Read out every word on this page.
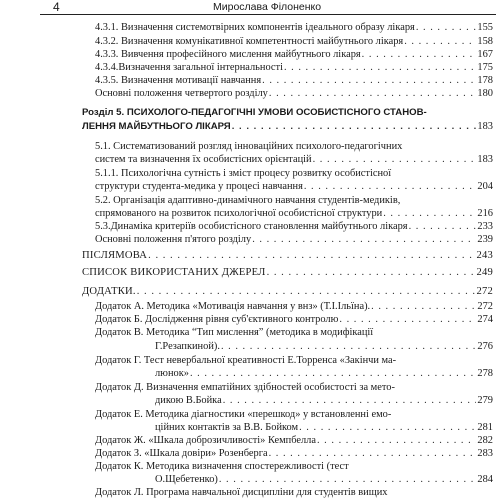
4	Мирослава Філоненко
4.3.1. Визначення системотвірних компонентів ідеального образу лікаря . . .	155
4.3.2. Визначення комунікативної компетентності майбутнього лікаря . . .	158
4.3.3. Вивчення професійного мислення майбутнього лікаря . . .	167
4.3.4.Визначення загальної інтернальності . . .	175
4.3.5. Визначення мотивації навчання . . .	178
Основні положення четвертого розділу . . .	180
Розділ 5. ПСИХОЛОГО-ПЕДАГОГІЧНІ УМОВИ ОСОБИСТІСНОГО СТАНОВ-
ЛЕННЯ МАЙБУТНЬОГО ЛІКАРЯ . . .	183
5.1. Систематизований розгляд інноваційних психолого-педагогічних
систем та визначення їх особистісних орієнтацій . . .	183
5.1.1. Психологічна сутність і зміст процесу розвитку особистісної
структури студента-медика у процесі навчання . . .	204
5.2. Організація адаптивно-динамічного навчання студентів-медиків,
спрямованого на розвиток психологічної особистісної структури . . .	216
5.3.Динаміка критеріїв особистісного становлення майбутнього лікаря . . .	233
Основні положення п'ятого розділу . . .	239
ПІСЛЯМОВА . . .	243
СПИСОК ВИКОРИСТАНИХ ДЖЕРЕЛ . . .	249
ДОДАТКИ. . . .	272
Додаток А. Методика «Мотивація навчання у внз» (Т.І.Ільїна). . . .	272
Додаток Б. Дослідження рівня суб'єктивного контролю . . .	274
Додаток В. Методика “Тип мислення” (методика в модифікації
Г.Резапкиной). . . .	276
Додаток Г. Тест невербальної креативності Е.Торренса «Закінчи ма-
люнок» . . .	278
Додаток Д. Визначення емпатійних здібностей особистості за мето-
дикою В.Бойка . . .	279
Додаток Е. Методика діагностики «перешкод» у встановленні емо-
ційних контактів за В.В. Бойком . . .	281
Додаток Ж. «Шкала доброзичливості» Кемпбелла . . .	282
Додаток З. «Шкала довіри» Розенберга . . .	283
Додаток К. Методика визначення спостережливості (тест
О.Щебетенко) . . .	284
Додаток Л. Програма навчальної дисципліни для студентів вищих
